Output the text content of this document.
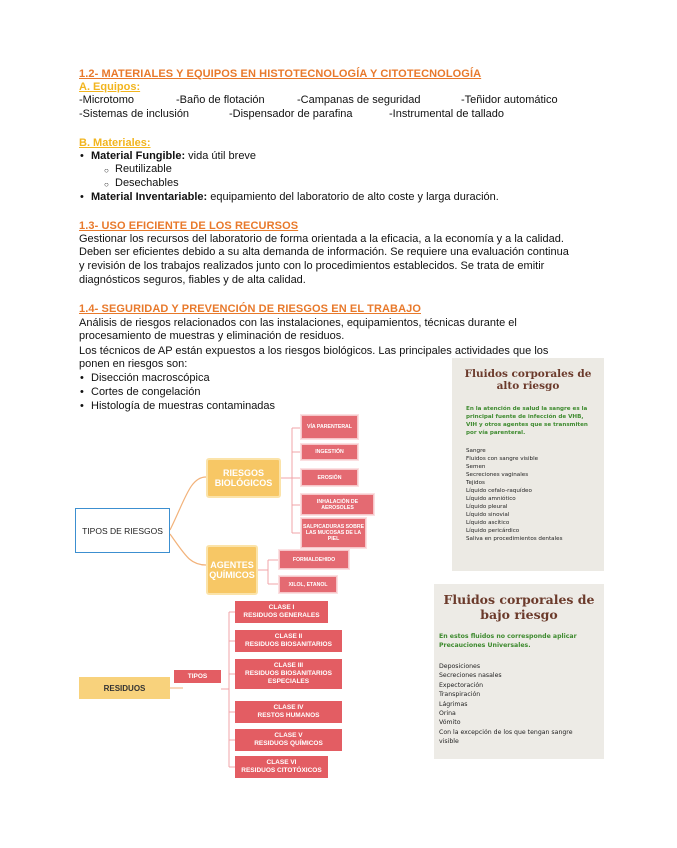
1.2- MATERIALES Y EQUIPOS EN HISTOTECNOLOGÍA Y CITOTECNOLOGÍA
A. Equipos:
-Microtomo	-Baño de flotación	-Campanas de seguridad	-Teñidor automático
-Sistemas de inclusión	-Dispensador de parafina	-Instrumental de tallado
B. Materiales:
• Material Fungible: vida útil breve
○ Reutilizable
○ Desechables
• Material Inventariable: equipamiento del laboratorio de alto coste y larga duración.
1.3- USO EFICIENTE DE LOS RECURSOS
Gestionar los recursos del laboratorio de forma orientada a la eficacia, a la economía y a la calidad.
Deben ser eficientes debido a su alta demanda de información. Se requiere una evaluación continua
y revisión de los trabajos realizados junto con lo procedimientos establecidos. Se trata de emitir
diagnósticos seguros, fiables y de alta calidad.
1.4- SEGURIDAD Y PREVENCIÓN DE RIESGOS EN EL TRABAJO
Análisis de riesgos relacionados con las instalaciones, equipamientos, técnicas durante el
procesamiento de muestras y eliminación de residuos.
Los técnicos de AP están expuestos a los riesgos biológicos. Las principales actividades que los
ponen en riesgos son:
• Disección macroscópica
• Cortes de congelación
• Histología de muestras contaminadas
TIPOS DE RIESGOS
RIESGOS BIOLÓGICOS
AGENTES QUÍMICOS
VÍA PARENTERAL
INGESTIÓN
EROSIÓN
INHALACIÓN DE AEROSOLES
SALPICADURAS SOBRE LAS MUCOSAS DE LA PIEL
FORMALDEHIDO
XILOL, ETANOL
RESIDUOS
TIPOS
CLASE I
RESIDUOS GENERALES
CLASE II
RESIDUOS BIOSANITARIOS
CLASE III
RESIDUOS BIOSANITARIOS ESPECIALES
CLASE IV
RESTOS HUMANOS
CLASE V
RESIDUOS QUÍMICOS
CLASE VI
RESIDUOS CITOTÓXICOS
Fluidos corporales de
alto riesgo
En la atención de salud la sangre es la
principal fuente de infección de VHB,
VIH y otros agentes que se transmiten
por vía parenteral.
Sangre
Fluidos con sangre visible
Semen
Secreciones vaginales
Tejidos
Líquido cefalo-raquídeo
Líquido amniótico
Líquido pleural
Líquido sinovial
Líquido ascítico
Líquido pericárdico
Saliva en procedimientos dentales
Fluidos corporales de
bajo riesgo
En estos fluidos no corresponde aplicar
Precauciones Universales.
Deposiciones
Secreciones nasales
Expectoración
Transpiración
Lágrimas
Orina
Vómito
Con la excepción de los que tengan sangre
visible
